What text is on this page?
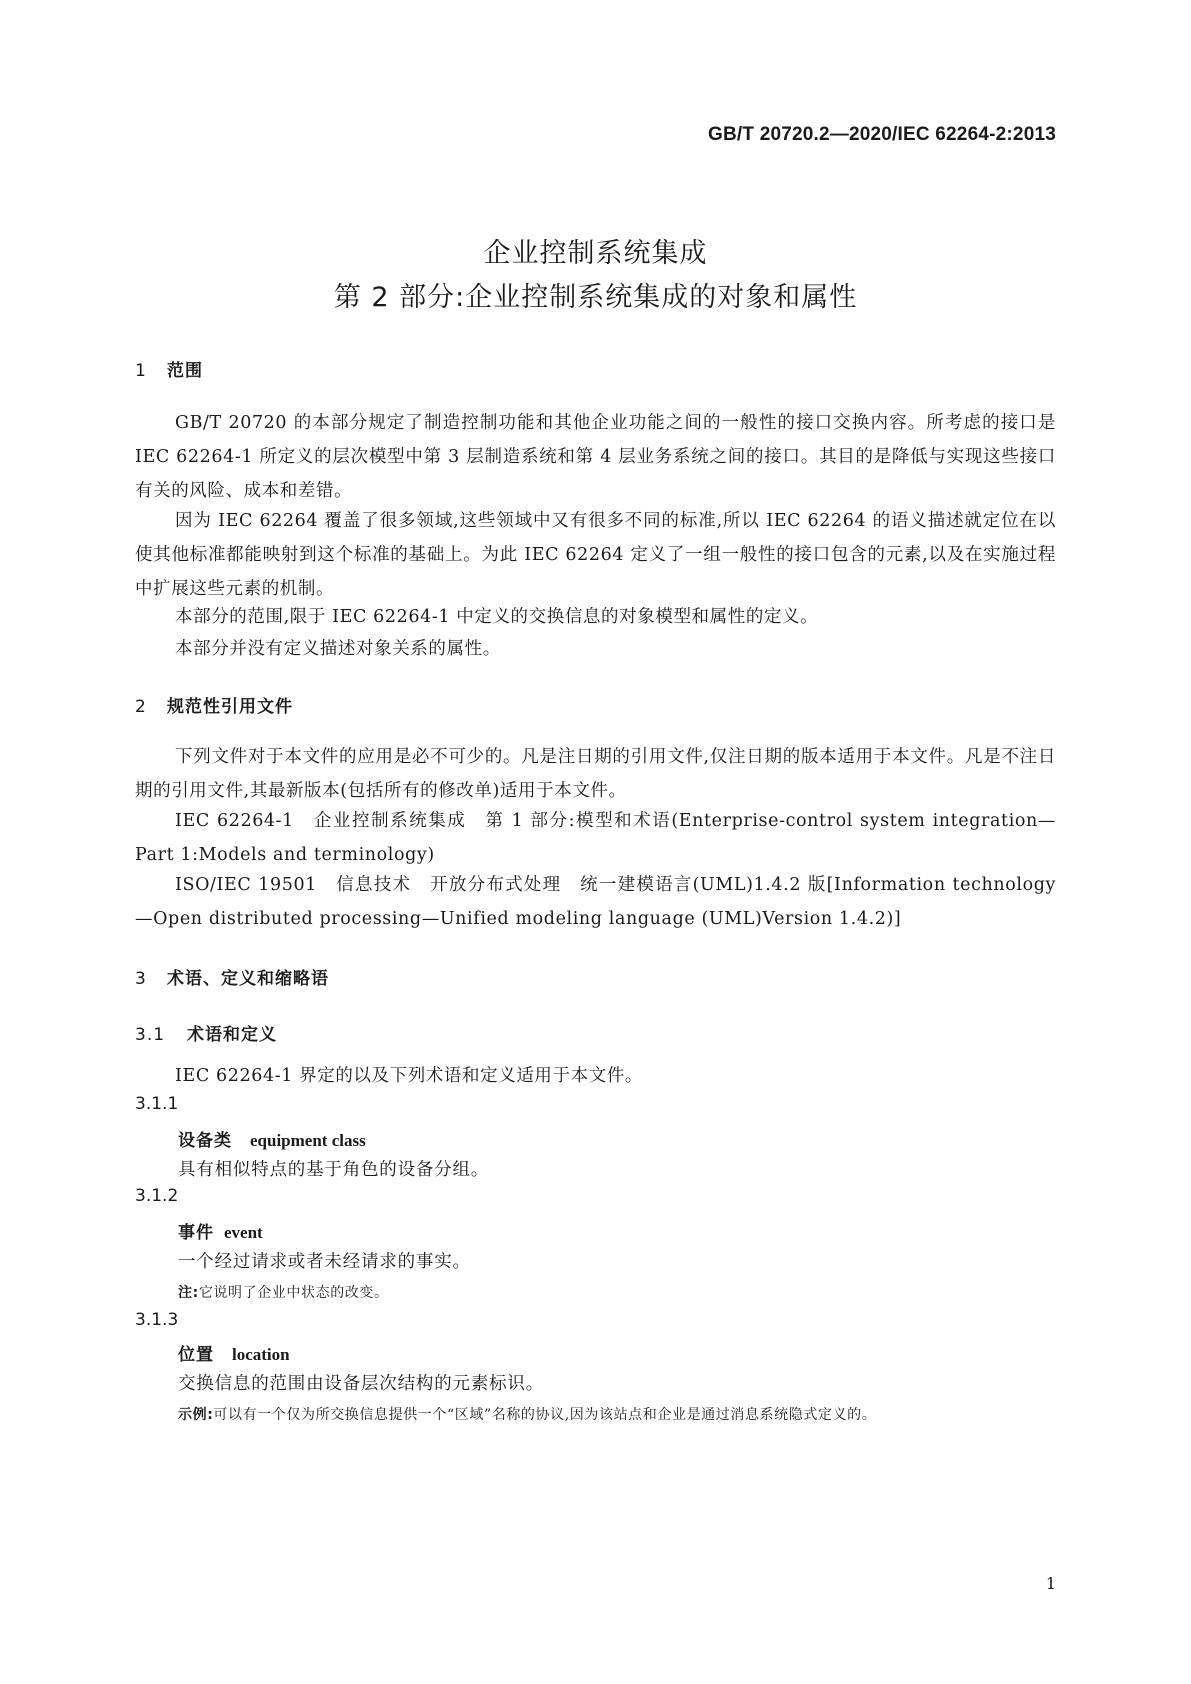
GB/T 20720.2—2020/IEC 62264-2:2013
企业控制系统集成
第 2 部分:企业控制系统集成的对象和属性
1 范围
GB/T 20720 的本部分规定了制造控制功能和其他企业功能之间的一般性的接口交换内容。所考虑的接口是 IEC 62264-1 所定义的层次模型中第 3 层制造系统和第 4 层业务系统之间的接口。其目的是降低与实现这些接口有关的风险、成本和差错。
因为 IEC 62264 覆盖了很多领域,这些领域中又有很多不同的标准,所以 IEC 62264 的语义描述就定位在以使其他标准都能映射到这个标准的基础上。为此 IEC 62264 定义了一组一般性的接口包含的元素,以及在实施过程中扩展这些元素的机制。
本部分的范围,限于 IEC 62264-1 中定义的交换信息的对象模型和属性的定义。
本部分并没有定义描述对象关系的属性。
2 规范性引用文件
下列文件对于本文件的应用是必不可少的。凡是注日期的引用文件,仅注日期的版本适用于本文件。凡是不注日期的引用文件,其最新版本(包括所有的修改单)适用于本文件。
IEC 62264-1　企业控制系统集成　第 1 部分:模型和术语(Enterprise-control system integration—Part 1:Models and terminology)
ISO/IEC 19501　信息技术　开放分布式处理　统一建模语言(UML)1.4.2 版[Information technology—Open distributed processing—Unified modeling language (UML)Version 1.4.2)]
3 术语、定义和缩略语
3.1 术语和定义
IEC 62264-1 界定的以及下列术语和定义适用于本文件。
3.1.1
设备类 equipment class
具有相似特点的基于角色的设备分组。
3.1.2
事件 event
一个经过请求或者未经请求的事实。
注:它说明了企业中状态的改变。
3.1.3
位置 location
交换信息的范围由设备层次结构的元素标识。
示例:可以有一个仅为所交换信息提供一个“区域”名称的协议,因为该站点和企业是通过消息系统隐式定义的。
1
